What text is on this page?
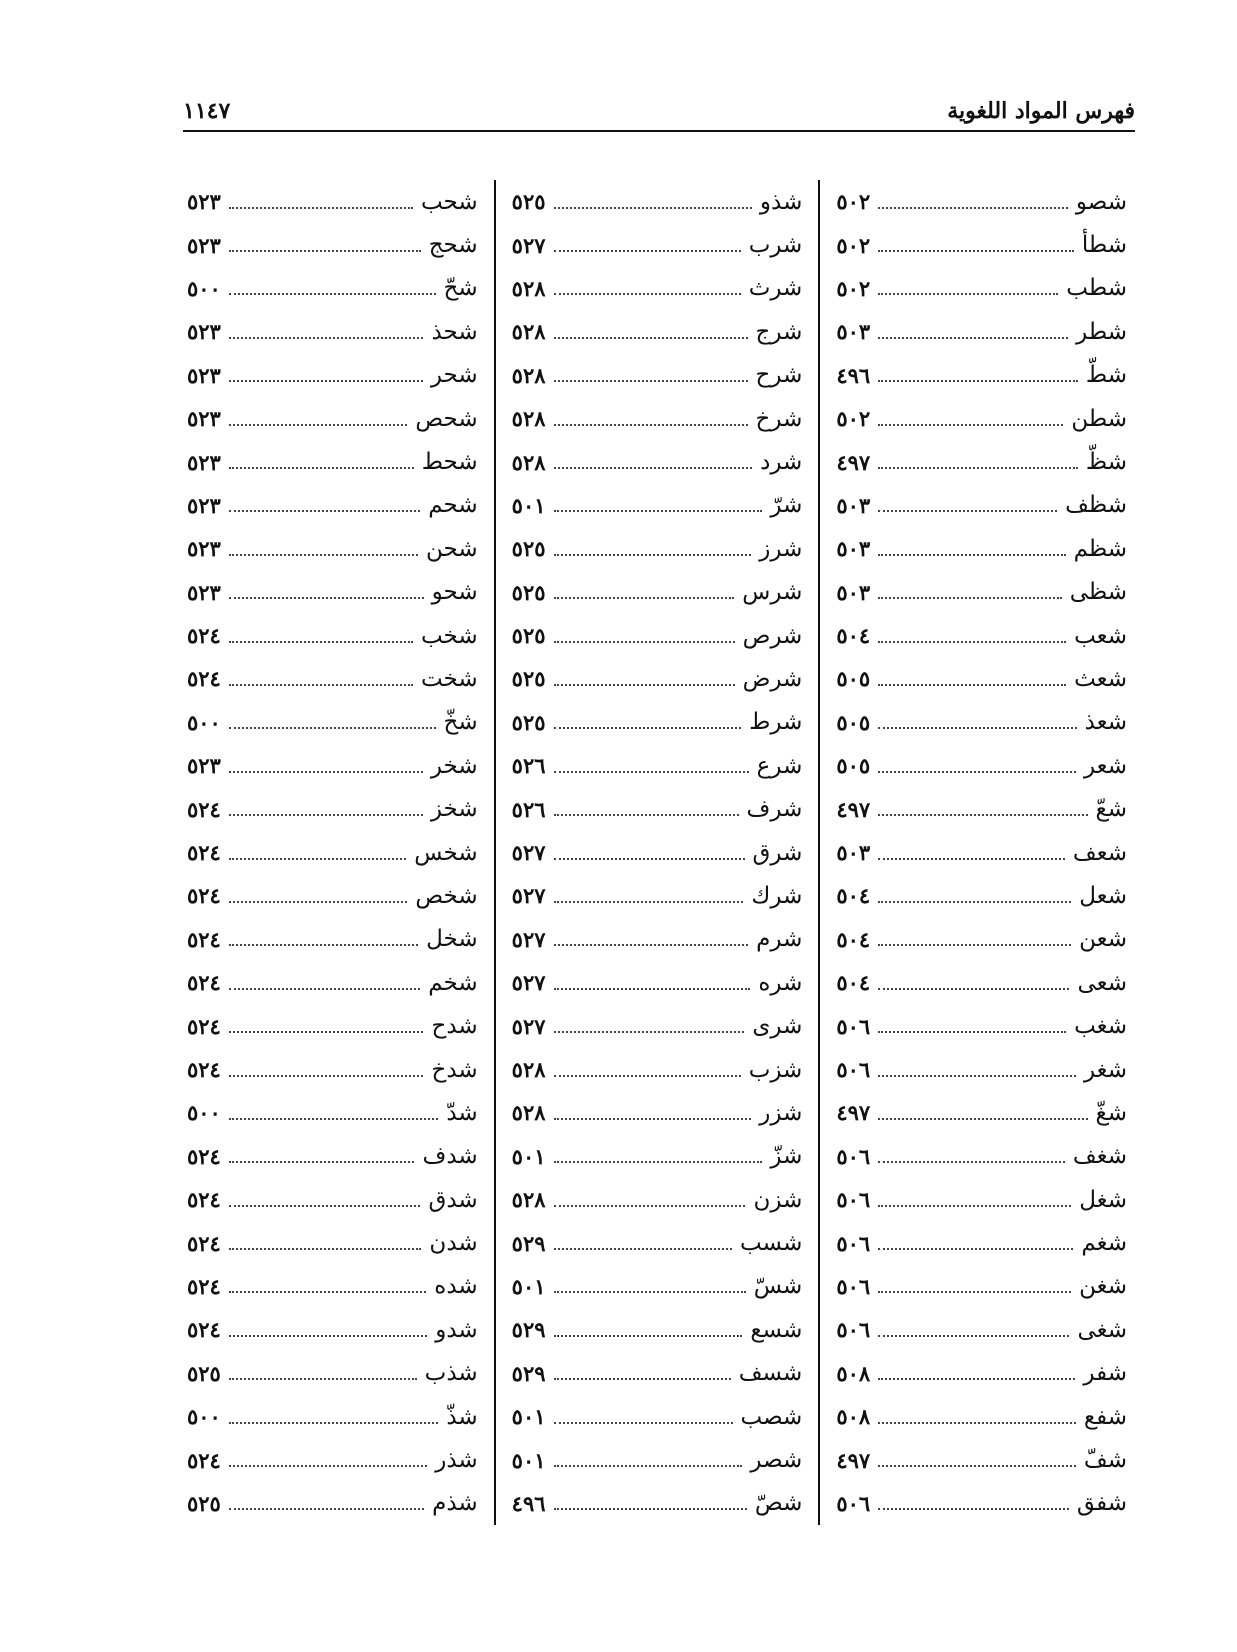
فهرس المواد اللغوية
١١٤٧
شحب
٥٢٣
شحج
٥٢٣
شحّ
٥٠٠
شحذ
٥٢٣
شحر
٥٢٣
شحص
٥٢٣
شحط
٥٢٣
شحم
٥٢٣
شحن
٥٢٣
شحو
٥٢٣
شخب
٥٢٤
شخت
٥٢٤
شخّ
٥٠٠
شخر
٥٢٣
شخز
٥٢٤
شخس
٥٢٤
شخص
٥٢٤
شخل
٥٢٤
شخم
٥٢٤
شدح
٥٢٤
شدخ
٥٢٤
شدّ
٥٠٠
شدف
٥٢٤
شدق
٥٢٤
شدن
٥٢٤
شده
٥٢٤
شدو
٥٢٤
شذب
٥٢٥
شذّ
٥٠٠
شذر
٥٢٤
شذم
٥٢٥
شذو
٥٢٥
شرب
٥٢٧
شرث
٥٢٨
شرج
٥٢٨
شرح
٥٢٨
شرخ
٥٢٨
شرد
٥٢٨
شرّ
٥٠١
شرز
٥٢٥
شرس
٥٢٥
شرص
٥٢٥
شرض
٥٢٥
شرط
٥٢٥
شرع
٥٢٦
شرف
٥٢٦
شرق
٥٢٧
شرك
٥٢٧
شرم
٥٢٧
شره
٥٢٧
شرى
٥٢٧
شزب
٥٢٨
شزر
٥٢٨
شزّ
٥٠١
شزن
٥٢٨
شسب
٥٢٩
شسّ
٥٠١
شسع
٥٢٩
شسف
٥٢٩
شصب
٥٠١
شصر
٥٠١
شصّ
٤٩٦
شصو
٥٠٢
شطأ
٥٠٢
شطب
٥٠٢
شطر
٥٠٣
شطّ
٤٩٦
شطن
٥٠٢
شظّ
٤٩٧
شظف
٥٠٣
شظم
٥٠٣
شظى
٥٠٣
شعب
٥٠٤
شعث
٥٠٥
شعذ
٥٠٥
شعر
٥٠٥
شعّ
٤٩٧
شعف
٥٠٣
شعل
٥٠٤
شعن
٥٠٤
شعى
٥٠٤
شغب
٥٠٦
شغر
٥٠٦
شغّ
٤٩٧
شغف
٥٠٦
شغل
٥٠٦
شغم
٥٠٦
شغن
٥٠٦
شغى
٥٠٦
شفر
٥٠٨
شفع
٥٠٨
شفّ
٤٩٧
شفق
٥٠٦
